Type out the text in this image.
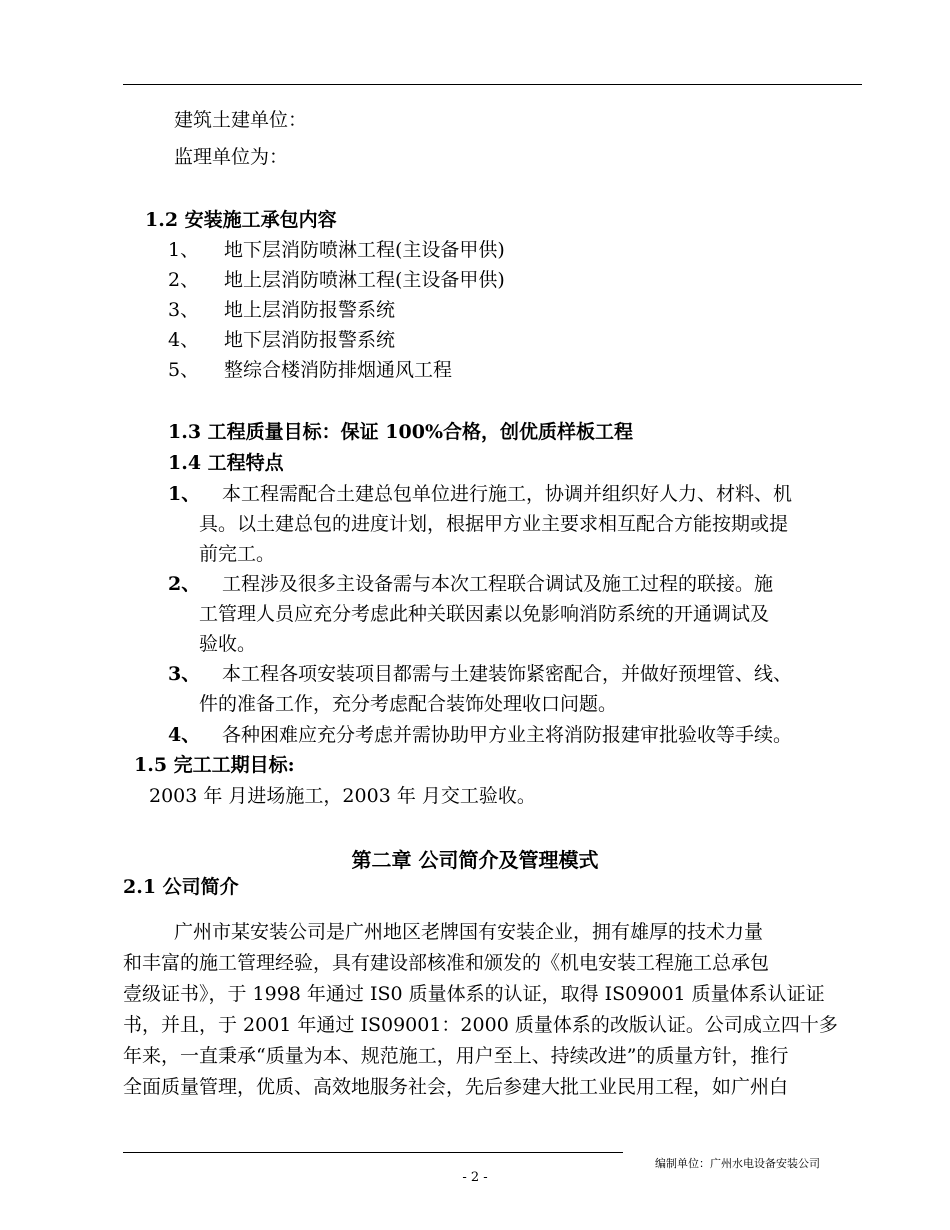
建筑土建单位：
监理单位为：
1.2 安装施工承包内容
1、 地下层消防喷淋工程(主设备甲供)
2、 地上层消防喷淋工程(主设备甲供)
3、 地上层消防报警系统
4、 地下层消防报警系统
5、 整综合楼消防排烟通风工程
1.3 工程质量目标：保证 100%合格，创优质样板工程
1.4 工程特点
1、 本工程需配合土建总包单位进行施工，协调并组织好人力、材料、机
具。以土建总包的进度计划，根据甲方业主要求相互配合方能按期或提
前完工。
2、 工程涉及很多主设备需与本次工程联合调试及施工过程的联接。施
工管理人员应充分考虑此种关联因素以免影响消防系统的开通调试及
验收。
3、 本工程各项安装项目都需与土建装饰紧密配合，并做好预埋管、线、
件的准备工作，充分考虑配合装饰处理收口问题。
4、 各种困难应充分考虑并需协助甲方业主将消防报建审批验收等手续。
1.5 完工工期目标:
2003 年 月进场施工，2003 年 月交工验收。
第二章 公司简介及管理模式
2.1 公司简介
广州市某安装公司是广州地区老牌国有安装企业，拥有雄厚的技术力量
和丰富的施工管理经验，具有建设部核准和颁发的《机电安装工程施工总承包
壹级证书》，于 1998 年通过 IS0 质量体系的认证，取得 IS09001 质量体系认证证
书，并且，于 2001 年通过 IS09001：2000 质量体系的改版认证。公司成立四十多
年来，一直秉承“质量为本、规范施工，用户至上、持续改进”的质量方针，推行
全面质量管理，优质、高效地服务社会，先后参建大批工业民用工程，如广州白
编制单位：广州水电设备安装公司
- 2 -
